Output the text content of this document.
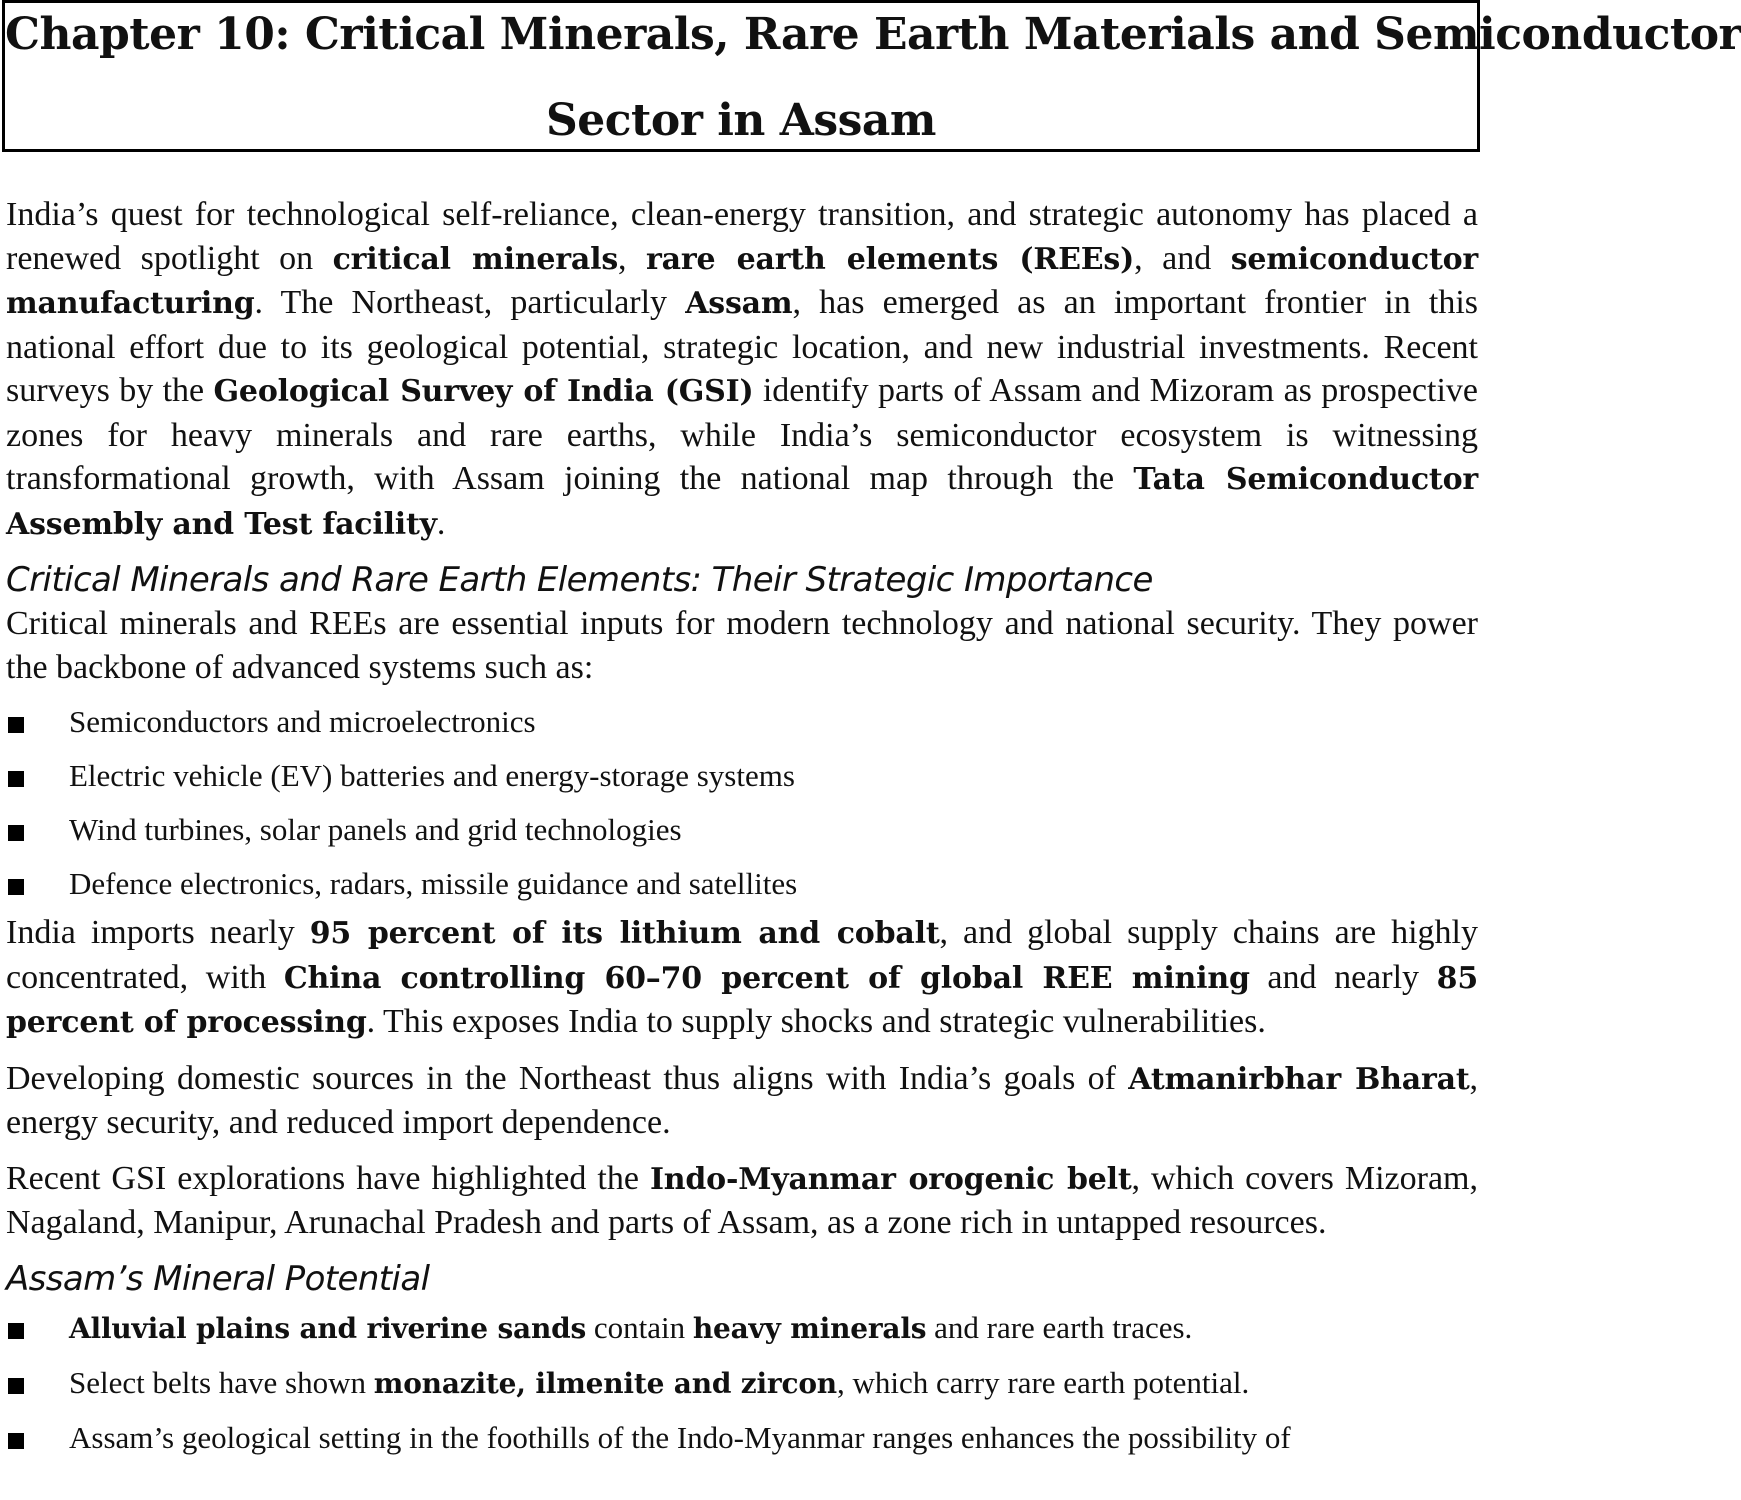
Chapter 10: Critical Minerals, Rare Earth Materials and Semiconductor
Sector in Assam

India’s quest for technological self-reliance, clean-energy transition, and strategic autonomy has placed a renewed spotlight on critical minerals, rare earth elements (REEs), and semiconductor manufacturing. The Northeast, particularly Assam, has emerged as an important frontier in this national effort due to its geological potential, strategic location, and new industrial investments. Recent surveys by the Geological Survey of India (GSI) identify parts of Assam and Mizoram as prospective zones for heavy minerals and rare earths, while India’s semiconductor ecosystem is witnessing transformational growth, with Assam joining the national map through the Tata Semiconductor Assembly and Test facility.

Critical Minerals and Rare Earth Elements: Their Strategic Importance

Critical minerals and REEs are essential inputs for modern technology and national security. They power the backbone of advanced systems such as:

Semiconductors and microelectronics
Electric vehicle (EV) batteries and energy-storage systems
Wind turbines, solar panels and grid technologies
Defence electronics, radars, missile guidance and satellites

India imports nearly 95 percent of its lithium and cobalt, and global supply chains are highly concentrated, with China controlling 60–70 percent of global REE mining and nearly 85 percent of processing. This exposes India to supply shocks and strategic vulnerabilities.

Developing domestic sources in the Northeast thus aligns with India’s goals of Atmanirbhar Bharat, energy security, and reduced import dependence.

Recent GSI explorations have highlighted the Indo-Myanmar orogenic belt, which covers Mizoram, Nagaland, Manipur, Arunachal Pradesh and parts of Assam, as a zone rich in untapped resources.

Assam’s Mineral Potential
Alluvial plains and riverine sands contain heavy minerals and rare earth traces.
Select belts have shown monazite, ilmenite and zircon, which carry rare earth potential.
Assam’s geological setting in the foothills of the Indo-Myanmar ranges enhances the possibility of
